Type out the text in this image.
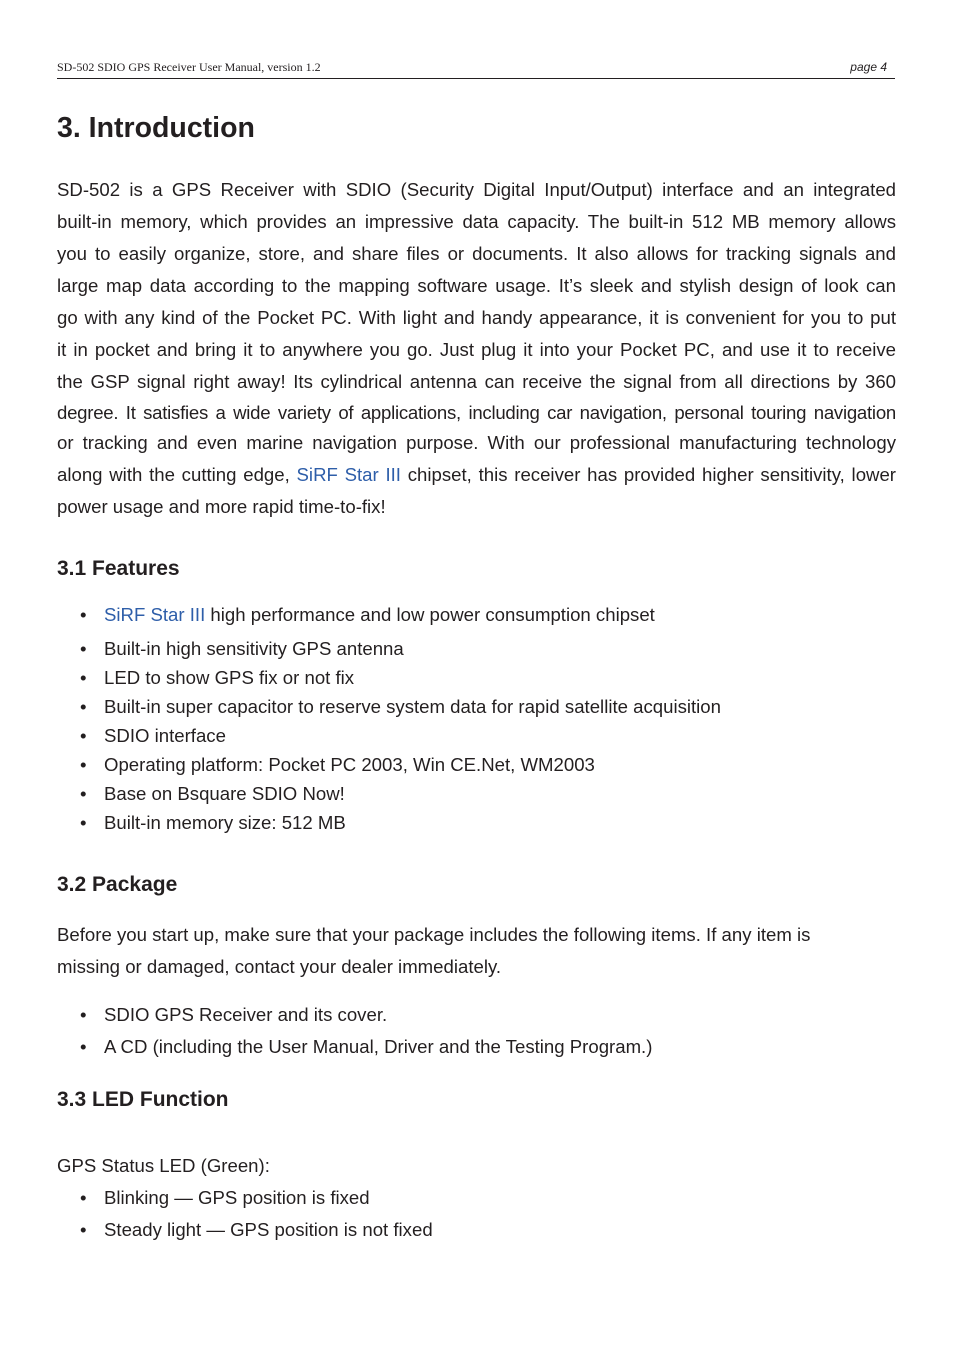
SD-502 SDIO GPS Receiver User Manual, version 1.2	page 4
3. Introduction
SD-502 is a GPS Receiver with SDIO (Security Digital Input/Output) interface and an integrated
built-in memory, which provides an impressive data capacity. The built-in 512 MB memory allows
you to easily organize, store, and share files or documents. It also allows for tracking signals and
large map data according to the mapping software usage. It’s sleek and stylish design of look can
go with any kind of the Pocket PC. With light and handy appearance, it is convenient for you to put
it in pocket and bring it to anywhere you go. Just plug it into your Pocket PC, and use it to receive
the GSP signal right away! Its cylindrical antenna can receive the signal from all directions by 360
degree. It satisfies a wide variety of applications, including car navigation, personal touring navigation
or tracking and even marine navigation purpose. With our professional manufacturing technology
along with the cutting edge, SiRF Star III chipset, this receiver has provided higher sensitivity, lower
power usage and more rapid time-to-fix!
3.1 Features
• SiRF Star III high performance and low power consumption chipset
• Built-in high sensitivity GPS antenna
• LED to show GPS fix or not fix
• Built-in super capacitor to reserve system data for rapid satellite acquisition
• SDIO interface
• Operating platform: Pocket PC 2003, Win CE.Net, WM2003
• Base on Bsquare SDIO Now!
• Built-in memory size: 512 MB
3.2 Package
Before you start up, make sure that your package includes the following items. If any item is
missing or damaged, contact your dealer immediately.
• SDIO GPS Receiver and its cover.
• A CD (including the User Manual, Driver and the Testing Program.)
3.3 LED Function
GPS Status LED (Green):
• Blinking — GPS position is fixed
• Steady light — GPS position is not fixed
